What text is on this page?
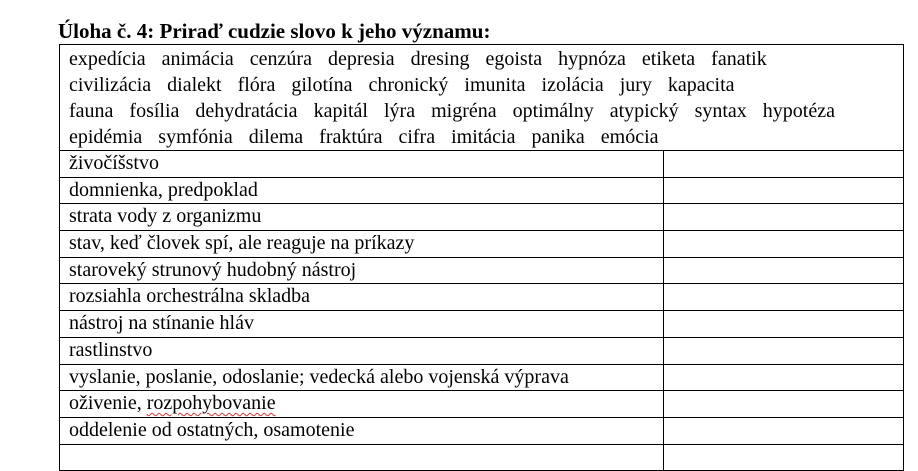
Úloha č. 4: Priraď cudzie slovo k jeho významu:
expedícia  animácia  cenzúra  depresia  dresing  egoista  hypnóza  etiketa  fanatik
civilizácia  dialekt  flóra  gilotína  chronický  imunita  izolácia  jury  kapacita
fauna  fosília  dehydratácia  kapitál  lýra  migréna  optimálny  atypický  syntax  hypotéza
epidémia  symfónia  dilema  fraktúra  cifra  imitácia  panika  emócia	

živočíšstvo	

domnienka, predpoklad	

strata vody z organizmu	

stav, keď človek spí, ale reaguje na príkazy	

staroveký strunový hudobný nástroj	

rozsiahla orchestrálna skladba	

nástroj na stínanie hláv	

rastlinstvo	

vyslanie, poslanie, odoslanie; vedecká alebo vojenská výprava	

oživenie, rozpohybovanie	

oddelenie od ostatných, osamotenie	
